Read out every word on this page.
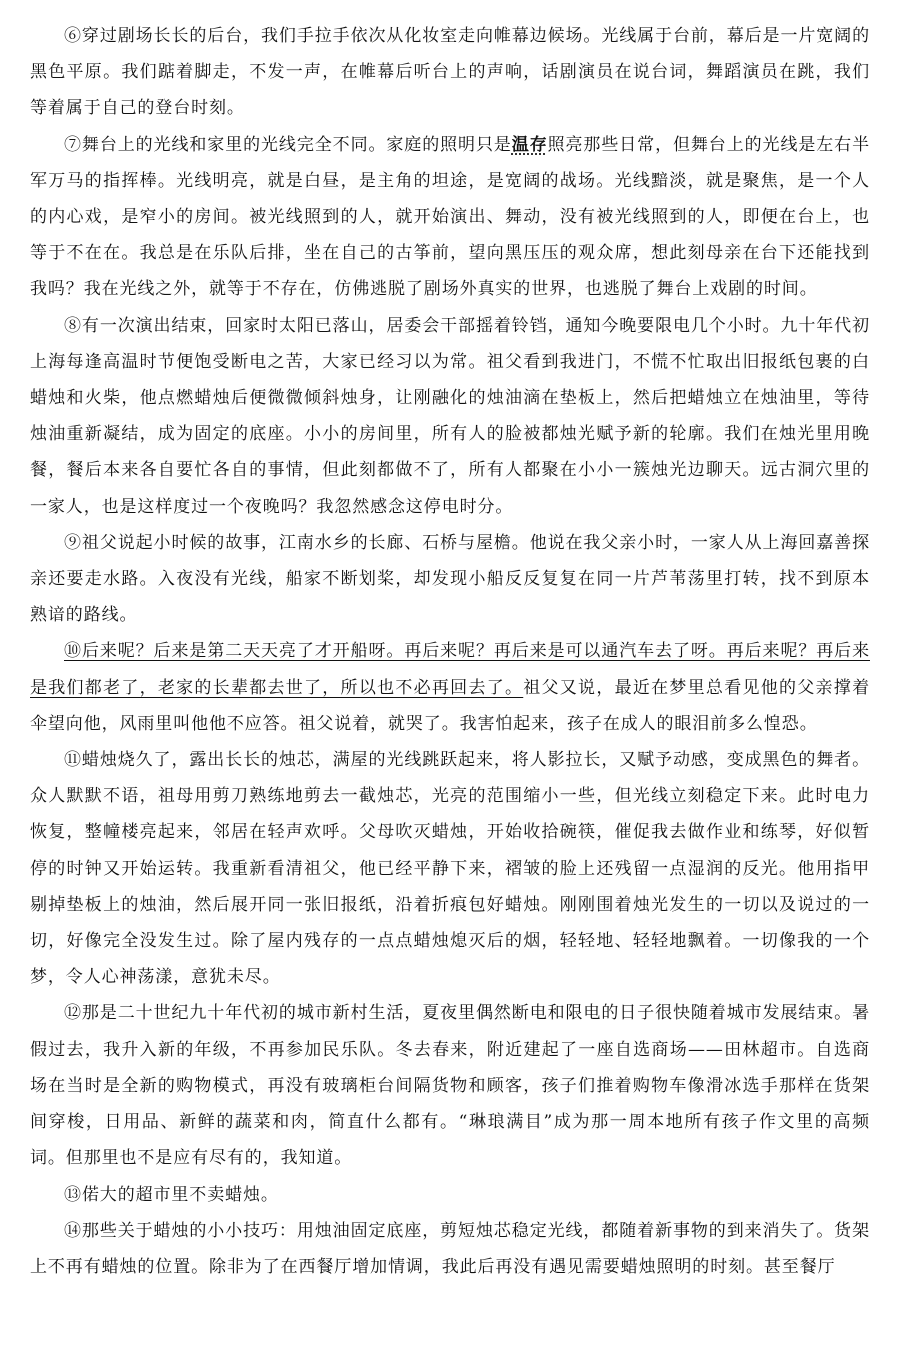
⑥穿过剧场长长的后台，我们手拉手依次从化妆室走向帷幕边候场。光线属于台前，幕后是一片宽阔的黑色平原。我们踮着脚走，不发一声，在帷幕后听台上的声响，话剧演员在说台词，舞蹈演员在跳，我们等着属于自己的登台时刻。

⑦舞台上的光线和家里的光线完全不同。家庭的照明只是温存照亮那些日常，但舞台上的光线是左右半军万马的指挥棒。光线明亮，就是白昼，是主角的坦途，是宽阔的战场。光线黯淡，就是聚焦，是一个人的内心戏，是窄小的房间。被光线照到的人，就开始演出、舞动，没有被光线照到的人，即便在台上，也等于不在在。我总是在乐队后排，坐在自己的古筝前，望向黑压压的观众席，想此刻母亲在台下还能找到我吗？我在光线之外，就等于不存在，仿佛逃脱了剧场外真实的世界，也逃脱了舞台上戏剧的时间。

⑧有一次演出结束，回家时太阳已落山，居委会干部摇着铃铛，通知今晚要限电几个小时。九十年代初上海每逢高温时节便饱受断电之苦，大家已经习以为常。祖父看到我进门，不慌不忙取出旧报纸包裹的白蜡烛和火柴，他点燃蜡烛后便微微倾斜烛身，让刚融化的烛油滴在垫板上，然后把蜡烛立在烛油里，等待烛油重新凝结，成为固定的底座。小小的房间里，所有人的脸被都烛光赋予新的轮廓。我们在烛光里用晚餐，餐后本来各自要忙各自的事情，但此刻都做不了，所有人都聚在小小一簇烛光边聊天。远古洞穴里的一家人，也是这样度过一个夜晚吗？我忽然感念这停电时分。

⑨祖父说起小时候的故事，江南水乡的长廊、石桥与屋檐。他说在我父亲小时，一家人从上海回嘉善探亲还要走水路。入夜没有光线，船家不断划桨，却发现小船反反复复在同一片芦苇荡里打转，找不到原本熟谙的路线。

⑩后来呢？后来是第二天天亮了才开船呀。再后来呢？再后来是可以通汽车去了呀。再后来呢？再后来是我们都老了，老家的长辈都去世了，所以也不必再回去了。祖父又说，最近在梦里总看见他的父亲撑着伞望向他，风雨里叫他他不应答。祖父说着，就哭了。我害怕起来，孩子在成人的眼泪前多么惶恐。

⑪蜡烛烧久了，露出长长的烛芯，满屋的光线跳跃起来，将人影拉长，又赋予动感，变成黑色的舞者。众人默默不语，祖母用剪刀熟练地剪去一截烛芯，光亮的范围缩小一些，但光线立刻稳定下来。此时电力恢复，整幢楼亮起来，邻居在轻声欢呼。父母吹灭蜡烛，开始收拾碗筷，催促我去做作业和练琴，好似暂停的时钟又开始运转。我重新看清祖父，他已经平静下来，褶皱的脸上还残留一点湿润的反光。他用指甲剔掉垫板上的烛油，然后展开同一张旧报纸，沿着折痕包好蜡烛。刚刚围着烛光发生的一切以及说过的一切，好像完全没发生过。除了屋内残存的一点点蜡烛熄灭后的烟，轻轻地、轻轻地飘着。一切像我的一个梦，令人心神荡漾，意犹未尽。

⑫那是二十世纪九十年代初的城市新村生活，夏夜里偶然断电和限电的日子很快随着城市发展结束。暑假过去，我升入新的年级，不再参加民乐队。冬去春来，附近建起了一座自选商场——田林超市。自选商场在当时是全新的购物模式，再没有玻璃柜台间隔货物和顾客，孩子们推着购物车像滑冰选手那样在货架间穿梭，日用品、新鲜的蔬菜和肉，简直什么都有。“琳琅满目”成为那一周本地所有孩子作文里的高频词。但那里也不是应有尽有的，我知道。

⑬偌大的超市里不卖蜡烛。

⑭那些关于蜡烛的小小技巧：用烛油固定底座，剪短烛芯稳定光线，都随着新事物的到来消失了。货架上不再有蜡烛的位置。除非为了在西餐厅增加情调，我此后再没有遇见需要蜡烛照明的时刻。甚至餐厅
